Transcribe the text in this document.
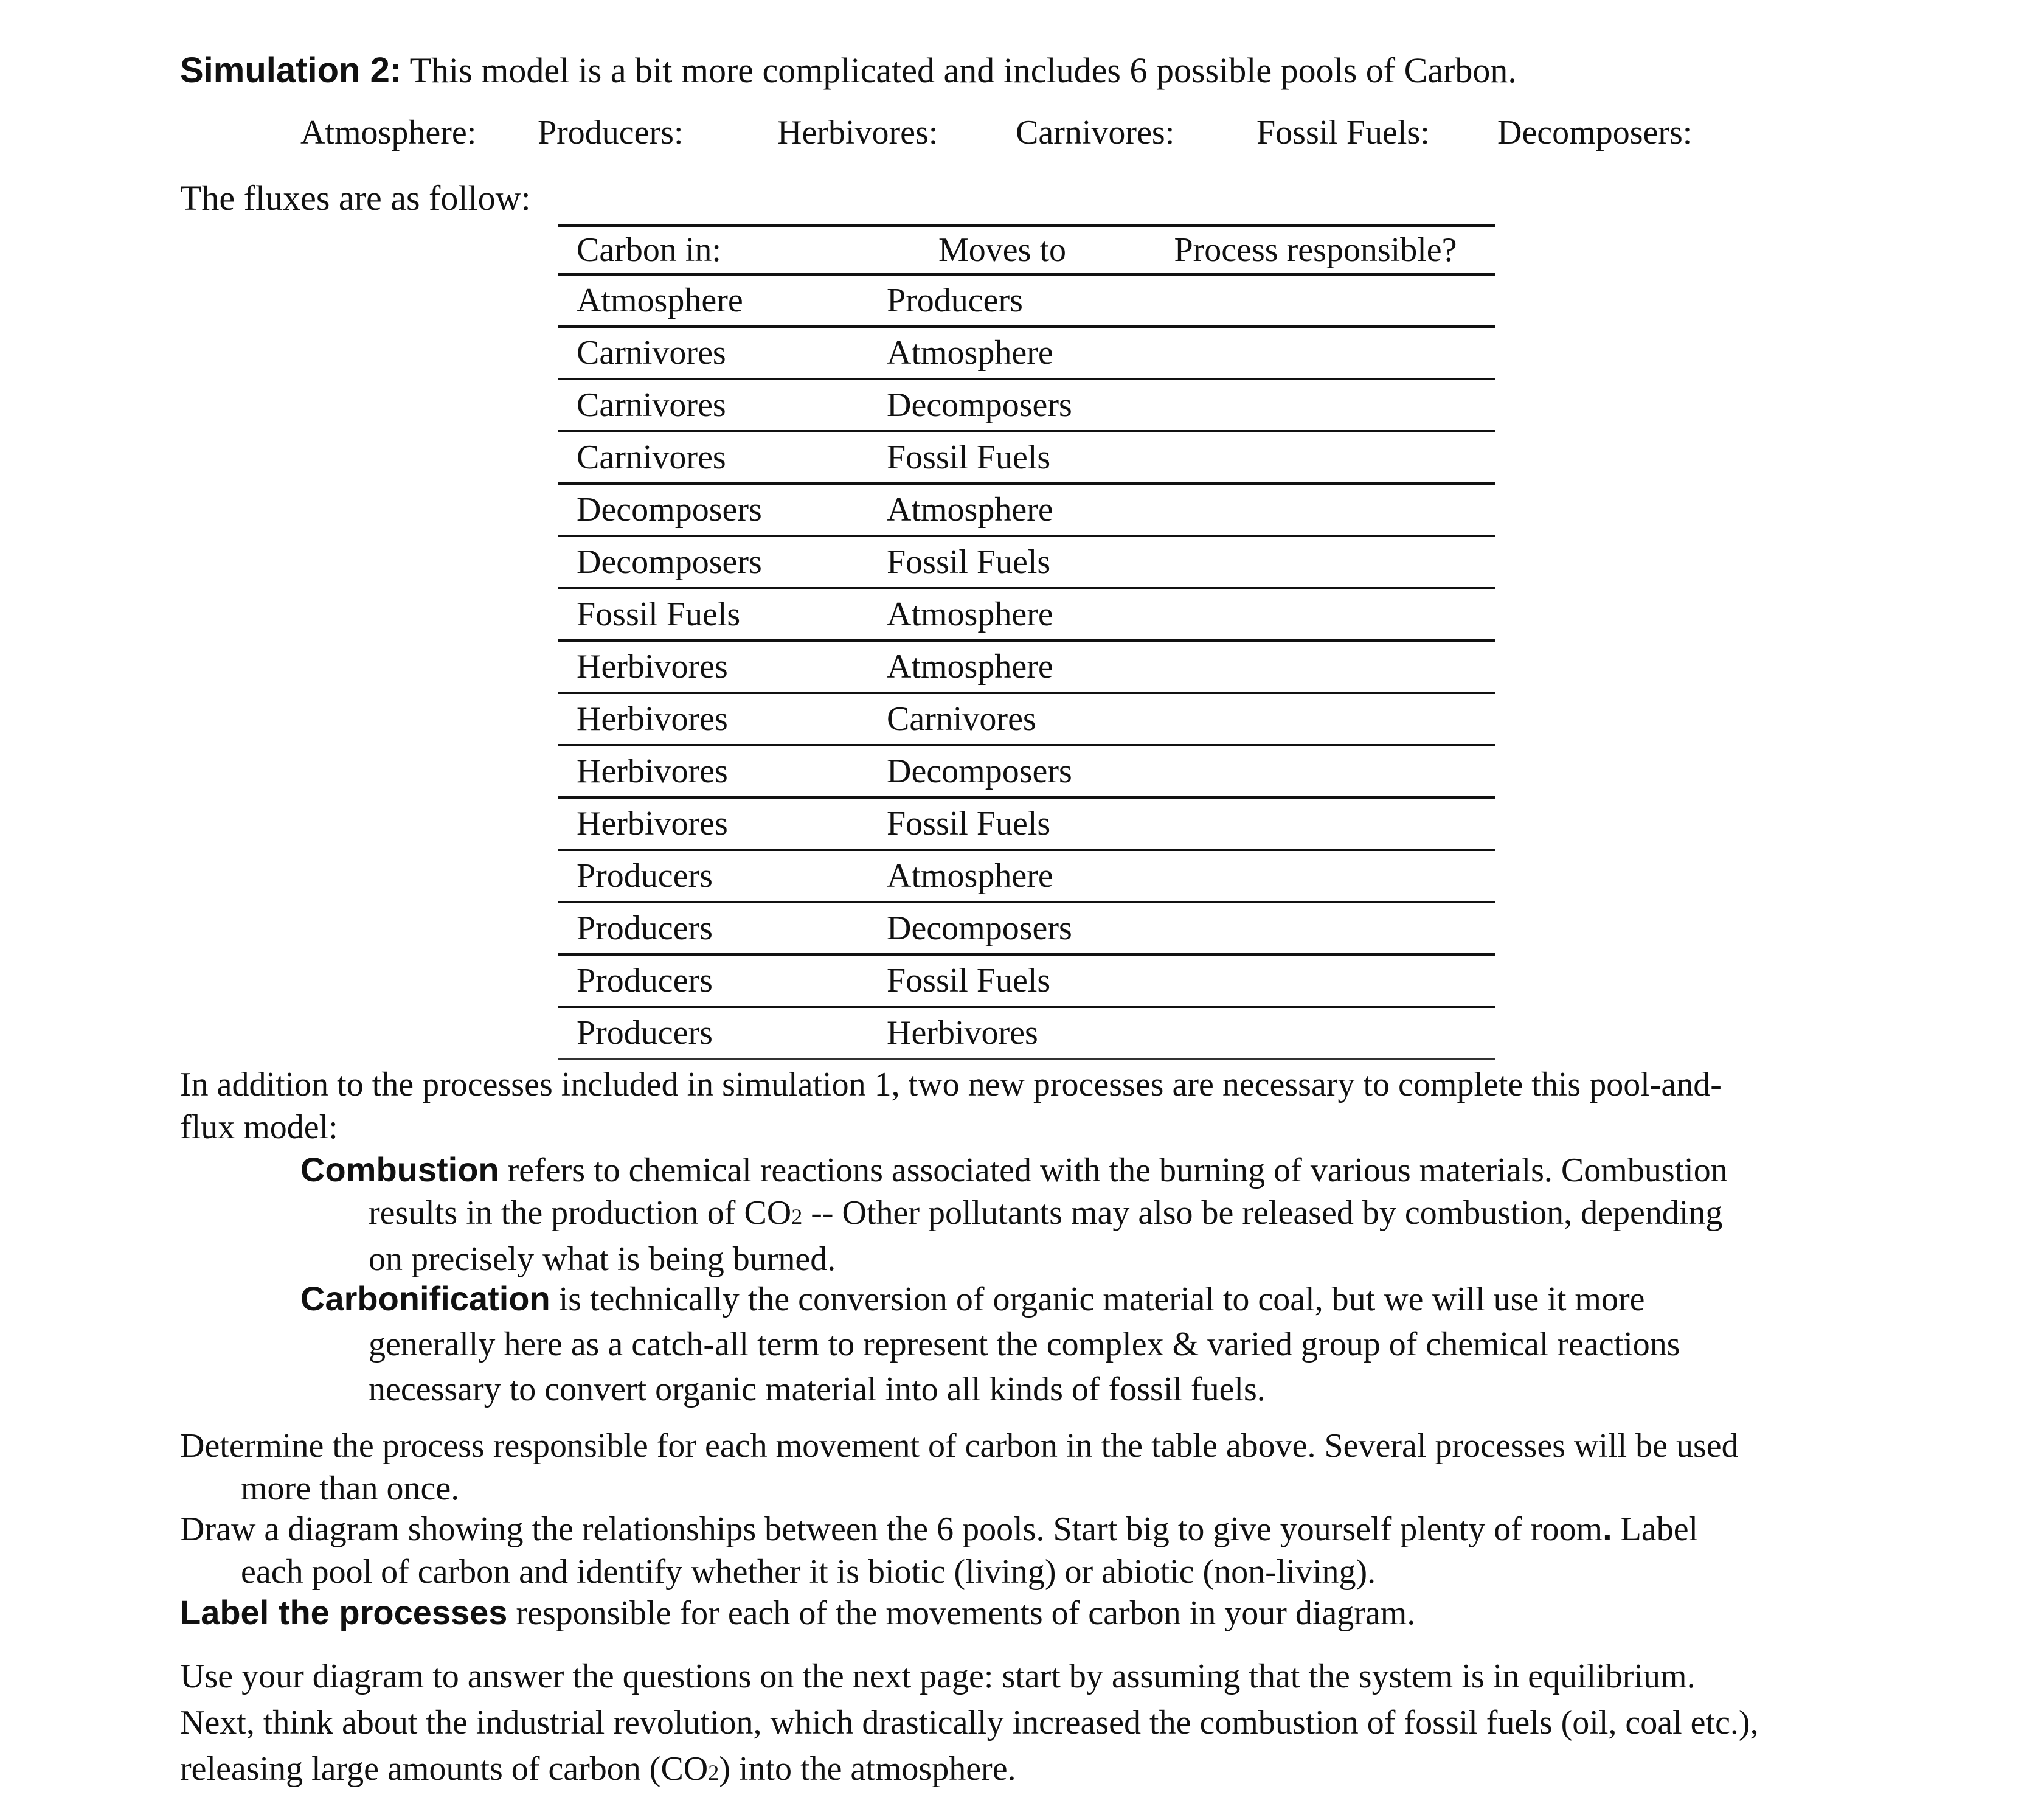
Simulation 2: This model is a bit more complicated and includes 6 possible pools of Carbon.
Atmosphere: Producers:	Herbivores: Carnivores: Fossil Fuels: Decomposers:
The fluxes are as follow:
Carbon in:	Moves to	Process responsible?
Atmosphere	Producers	
Carnivores	Atmosphere	
Carnivores	Decomposers	
Carnivores	Fossil Fuels	
Decomposers	Atmosphere	
Decomposers	Fossil Fuels	
Fossil Fuels	Atmosphere	
Herbivores	Atmosphere	
Herbivores	Carnivores	
Herbivores	Decomposers	
Herbivores	Fossil Fuels	
Producers	Atmosphere	
Producers	Decomposers	
Producers	Fossil Fuels	
Producers	Herbivores	
In addition to the processes included in simulation 1, two new processes are necessary to complete this pool-and-
flux model:
Combustion refers to chemical reactions associated with the burning of various materials. Combustion
results in the production of CO2 -- Other pollutants may also be released by combustion, depending
on precisely what is being burned.
Carbonification is technically the conversion of organic material to coal, but we will use it more
generally here as a catch-all term to represent the complex & varied group of chemical reactions
necessary to convert organic material into all kinds of fossil fuels.
Determine the process responsible for each movement of carbon in the table above. Several processes will be used
more than once.
Draw a diagram showing the relationships between the 6 pools. Start big to give yourself plenty of room. Label
each pool of carbon and identify whether it is biotic (living) or abiotic (non-living).
Label the processes responsible for each of the movements of carbon in your diagram.
Use your diagram to answer the questions on the next page: start by assuming that the system is in equilibrium.
Next, think about the industrial revolution, which drastically increased the combustion of fossil fuels (oil, coal etc.),
releasing large amounts of carbon (CO2) into the atmosphere.
